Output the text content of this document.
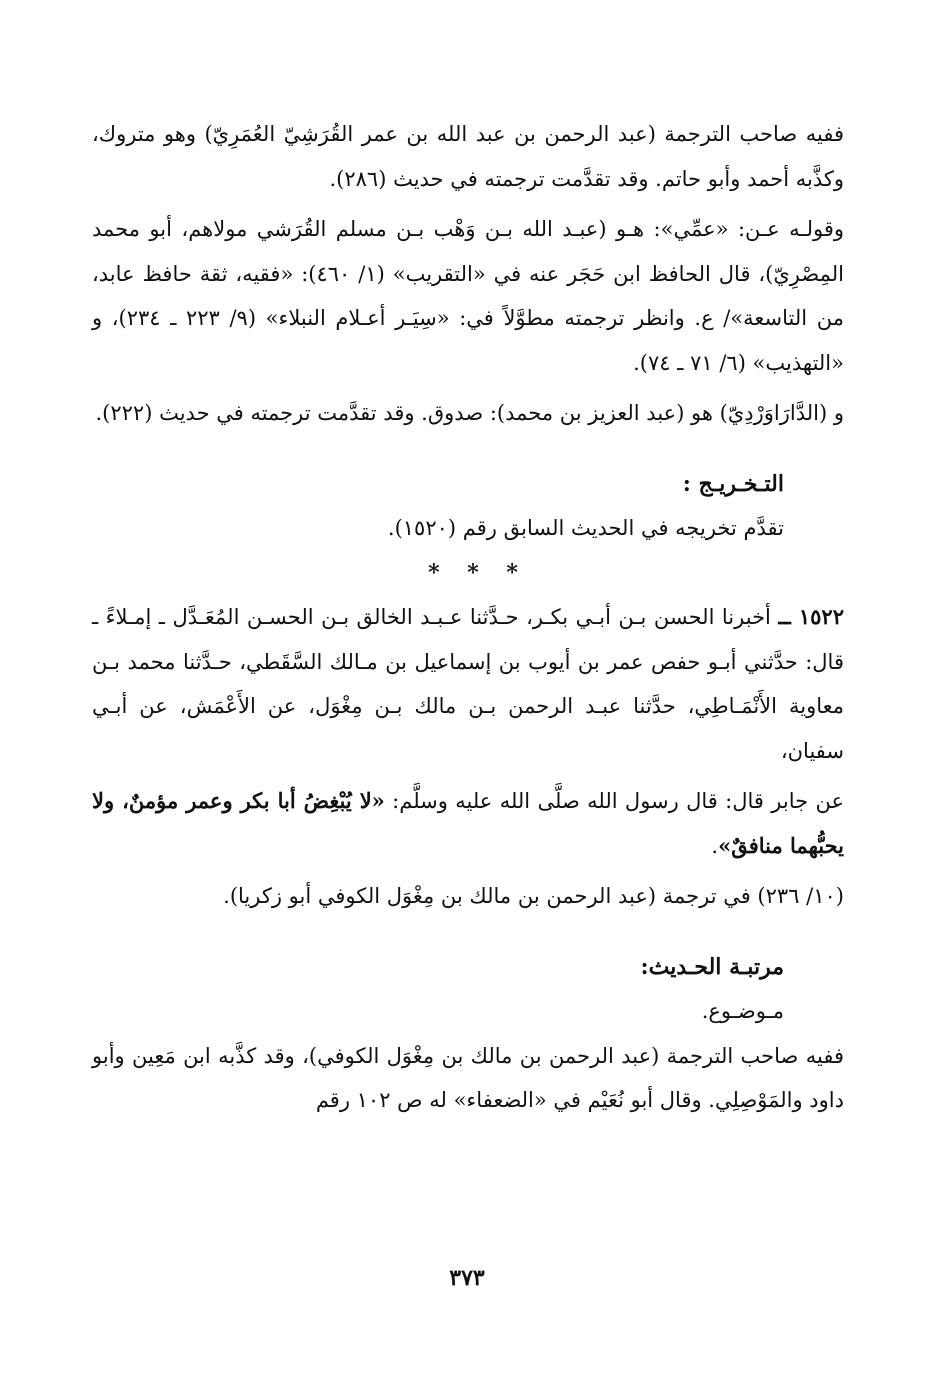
ففيه صاحب الترجمة (عبد الرحمن بن عبد الله بن عمر القُرَشِيّ العُمَرِيّ) وهو متروك، وكذَّبه أحمد وأبو حاتم. وقد تقدَّمت ترجمته في حديث (٢٨٦).

وقولـه عـن: «عمِّي»: هـو (عبـد الله بـن وَهْب بـن مسلم القُرَشي مولاهم، أبو محمد المِصْرِيّ)، قال الحافظ ابن حَجَر عنه في «التقريب» (١/ ٤٦٠): «فقيه، ثقة حافظ عابد، من التاسعة»/ ع. وانظر ترجمته مطوَّلاً في: «سِيَـر أعـلام النبلاء» (٩/ ٢٢٣ ـ ٢٣٤)، و «التهذيب» (٦/ ٧١ ـ ٧٤).

و (الدَّارَاوَرْدِيّ) هو (عبد العزيز بن محمد): صدوق. وقد تقدَّمت ترجمته في حديث (٢٢٢).

التـخـريـج :

تقدَّم تخريجه في الحديث السابق رقم (١٥٢٠).

* * *

١٥٢٢ ــ أخبرنا الحسن بـن أبـي بكـر، حـدَّثنا عـبـد الخالق بـن الحسـن المُعَـدَّل ـ إمـلاءً ـ قال: حدَّثني أبـو حفص عمر بن أيوب بن إسماعيل بن مـالك السَّقَطي، حـدَّثنا محمد بـن معاوية الأَنْمَـاطِي، حدَّثنا عبـد الرحمن بـن مالك بـن مِغْوَل، عن الأَعْمَش، عن أبـي سفيان،

عن جابر قال: قال رسول الله صلَّى الله عليه وسلَّم: «لا يُبْغِضُ أبا بكر وعمر مؤمنٌ، ولا يحبُّهما منافقٌ».

(١٠/ ٢٣٦) في ترجمة (عبد الرحمن بن مالك بن مِغْوَل الكوفي أبو زكريا).

مرتبـة الحـديث:

مـوضـوع.

ففيه صاحب الترجمة (عبد الرحمن بن مالك بن مِغْوَل الكوفي)، وقد كذَّبه ابن مَعِين وأبو داود والمَوْصِلِي. وقال أبو نُعَيْم في «الضعفاء» له ص ١٠٢ رقم

٣٧٣
